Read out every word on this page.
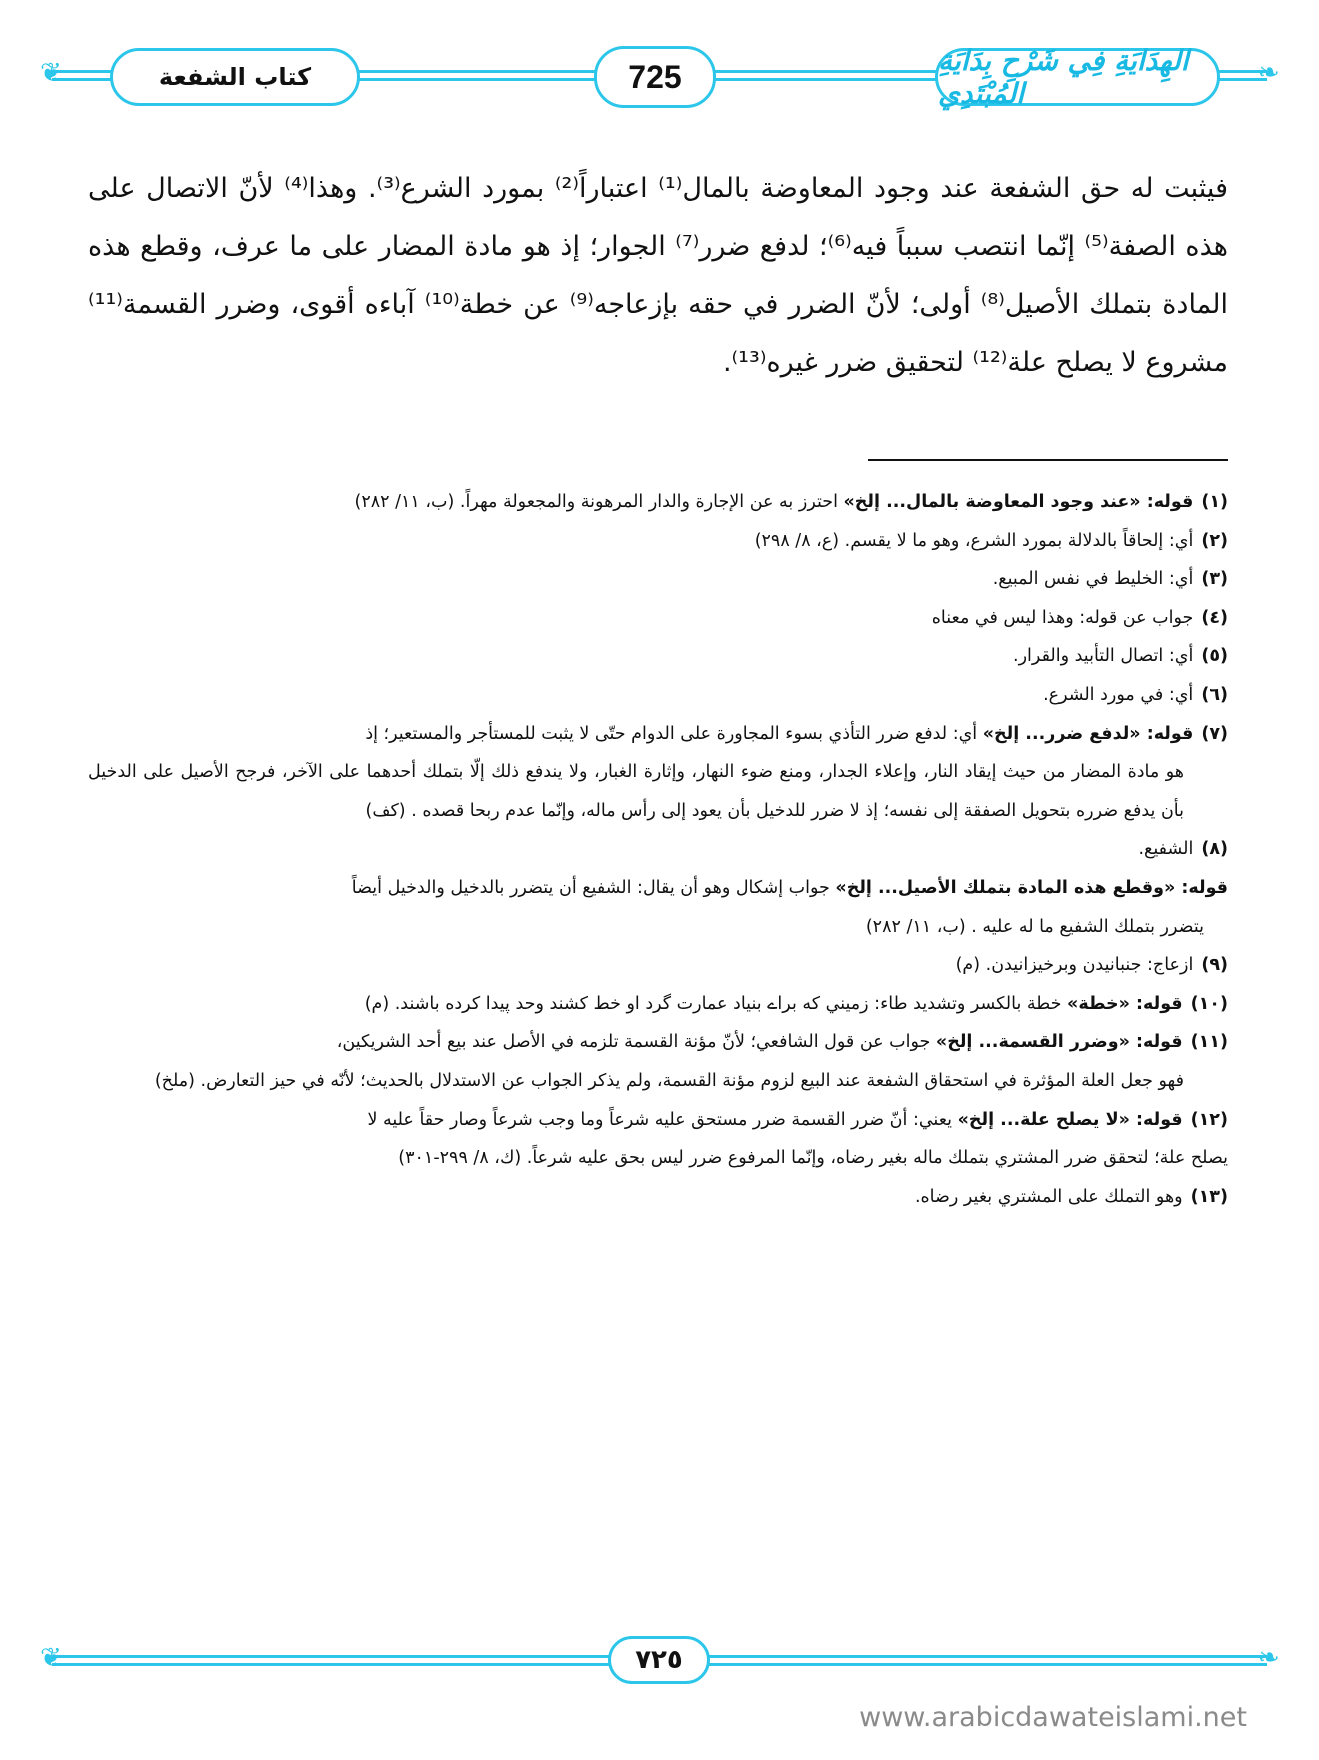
❦	❧
كتاب الشفعة	725	الهِدَايَةِ فِي شَرْحِ بِدَايَةِ المُبْتَدِي

فيثبت له حق الشفعة عند وجود المعاوضة بالمال⁽¹⁾ اعتباراً⁽²⁾ بمورد الشرع⁽³⁾. وهذا⁽⁴⁾ لأنّ الاتصال على هذه الصفة⁽⁵⁾ إنّما انتصب سبباً فيه⁽⁶⁾؛ لدفع ضرر⁽⁷⁾ الجوار؛ إذ هو مادة المضار على ما عرف، وقطع هذه المادة بتملك الأصيل⁽⁸⁾ أولى؛ لأنّ الضرر في حقه بإزعاجه⁽⁹⁾ عن خطة⁽¹⁰⁾ آباءه أقوى، وضرر القسمة⁽¹¹⁾ مشروع لا يصلح علة⁽¹²⁾ لتحقيق ضرر غيره⁽¹³⁾.

(١)قوله: «عند وجود المعاوضة بالمال... إلخ» احترز به عن الإجارة والدار المرهونة والمجعولة مهراً. (ب، ١١/ ٢٨٢)

(٢)أي: إلحاقاً بالدلالة بمورد الشرع، وهو ما لا يقسم. (ع، ٨/ ٢٩٨)

(٣)أي: الخليط في نفس المبيع.

(٤)جواب عن قوله: وهذا ليس في معناه

(٥)أي: اتصال التأبيد والقرار.

(٦)أي: في مورد الشرع.

(٧)قوله: «لدفع ضرر... إلخ» أي: لدفع ضرر التأذي بسوء المجاورة على الدوام حتّى لا يثبت للمستأجر والمستعير؛ إذ
هو مادة المضار من حيث إيقاد النار، وإعلاء الجدار، ومنع ضوء النهار، وإثارة الغبار، ولا يندفع ذلك إلّا بتملك أحدهما على الآخر، فرجح الأصيل على الدخيل بأن يدفع ضرره بتحويل الصفقة إلى نفسه؛ إذ لا ضرر للدخيل بأن يعود إلى رأس ماله، وإنّما عدم ربحا قصده . (كف)

(٨)الشفيع.

قوله: «وقطع هذه المادة بتملك الأصيل... إلخ» جواب إشكال وهو أن يقال: الشفيع أن يتضرر بالدخيل والدخيل أيضاً
يتضرر بتملك الشفيع ما له عليه . (ب، ١١/ ٢٨٢)

(٩)ازعاج: جنبانيدن وبرخيزانيدن. (م)

(١٠)قوله: «خطة» خطة بالكسر وتشديد طاء: زميني كه براے بنياد عمارت گرد او خط كشند وحد پيدا كرده باشند. (م)

(١١)قوله: «وضرر القسمة... إلخ» جواب عن قول الشافعي؛ لأنّ مؤنة القسمة تلزمه في الأصل عند بيع أحد الشريكين،
فهو جعل العلة المؤثرة في استحقاق الشفعة عند البيع لزوم مؤنة القسمة، ولم يذكر الجواب عن الاستدلال بالحديث؛ لأنّه في حيز التعارض. (ملخ)

(١٢)قوله: «لا يصلح علة... إلخ» يعني: أنّ ضرر القسمة ضرر مستحق عليه شرعاً وما وجب شرعاً وصار حقاً عليه لا
يصلح علة؛ لتحقق ضرر المشتري بتملك ماله بغير رضاه، وإنّما المرفوع ضرر ليس بحق عليه شرعاً. (ك، ٨/ ٢٩٩-٣٠١)

(١٣)وهو التملك على المشتري بغير رضاه.

❦	❧
٧٢٥
www.arabicdawateislami.net
